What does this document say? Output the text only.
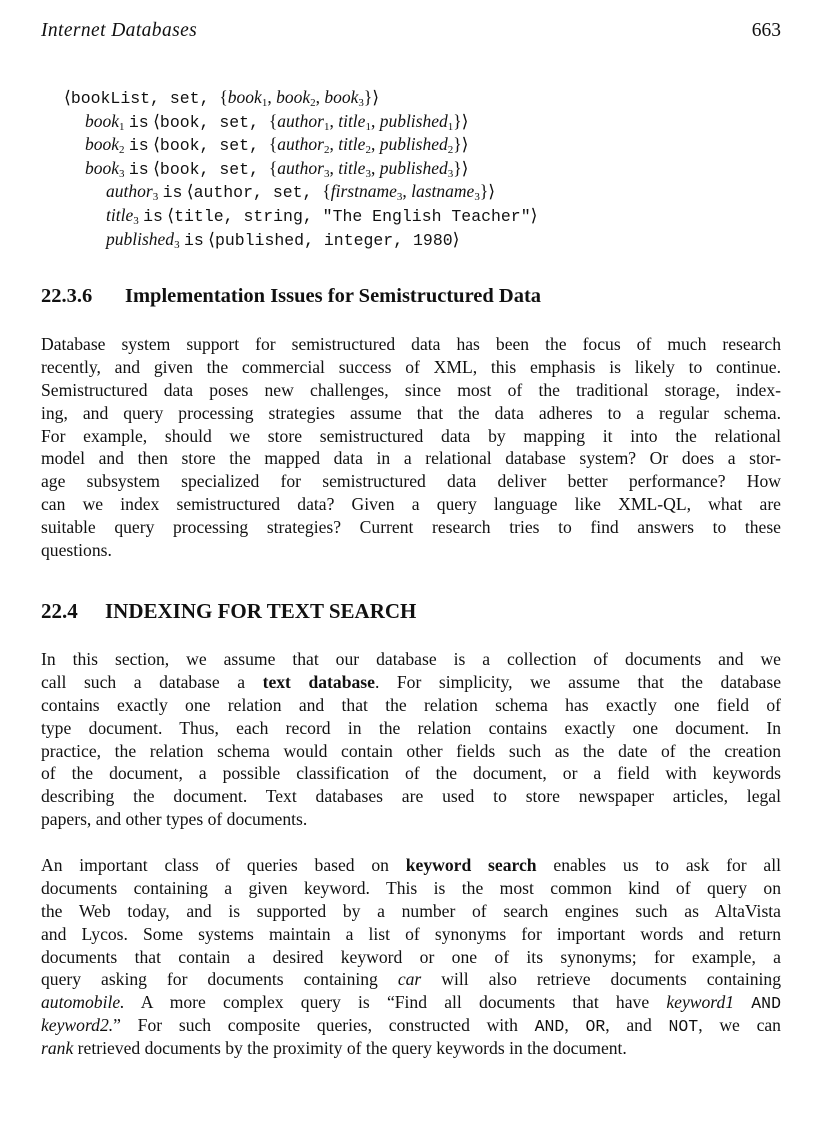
Internet Databases	663
⟨bookList, set, {book$_1$, book$_2$, book$_3$}⟩
book$_1$ is ⟨book, set, {author$_1$, title$_1$, published$_1$}⟩
book$_2$ is ⟨book, set, {author$_2$, title$_2$, published$_2$}⟩
book$_3$ is ⟨book, set, {author$_3$, title$_3$, published$_3$}⟩
author$_3$ is ⟨author, set, {firstname$_3$, lastname$_3$}⟩
title$_3$ is ⟨title, string, "The English Teacher"⟩
published$_3$ is ⟨published, integer, 1980⟩
22.3.6 Implementation Issues for Semistructured Data
Database system support for semistructured data has been the focus of much research
recently, and given the commercial success of XML, this emphasis is likely to continue.
Semistructured data poses new challenges, since most of the traditional storage, index-
ing, and query processing strategies assume that the data adheres to a regular schema.
For example, should we store semistructured data by mapping it into the relational
model and then store the mapped data in a relational database system? Or does a stor-
age subsystem specialized for semistructured data deliver better performance? How
can we index semistructured data? Given a query language like XML-QL, what are
suitable query processing strategies? Current research tries to find answers to these
questions.
22.4 INDEXING FOR TEXT SEARCH
In this section, we assume that our database is a collection of documents and we
call such a database a text database. For simplicity, we assume that the database
contains exactly one relation and that the relation schema has exactly one field of
type document. Thus, each record in the relation contains exactly one document. In
practice, the relation schema would contain other fields such as the date of the creation
of the document, a possible classification of the document, or a field with keywords
describing the document. Text databases are used to store newspaper articles, legal
papers, and other types of documents.
An important class of queries based on keyword search enables us to ask for all
documents containing a given keyword. This is the most common kind of query on
the Web today, and is supported by a number of search engines such as AltaVista
and Lycos. Some systems maintain a list of synonyms for important words and return
documents that contain a desired keyword or one of its synonyms; for example, a
query asking for documents containing car will also retrieve documents containing
automobile. A more complex query is “Find all documents that have keyword1 AND
keyword2.” For such composite queries, constructed with AND, OR, and NOT, we can
rank retrieved documents by the proximity of the query keywords in the document.
